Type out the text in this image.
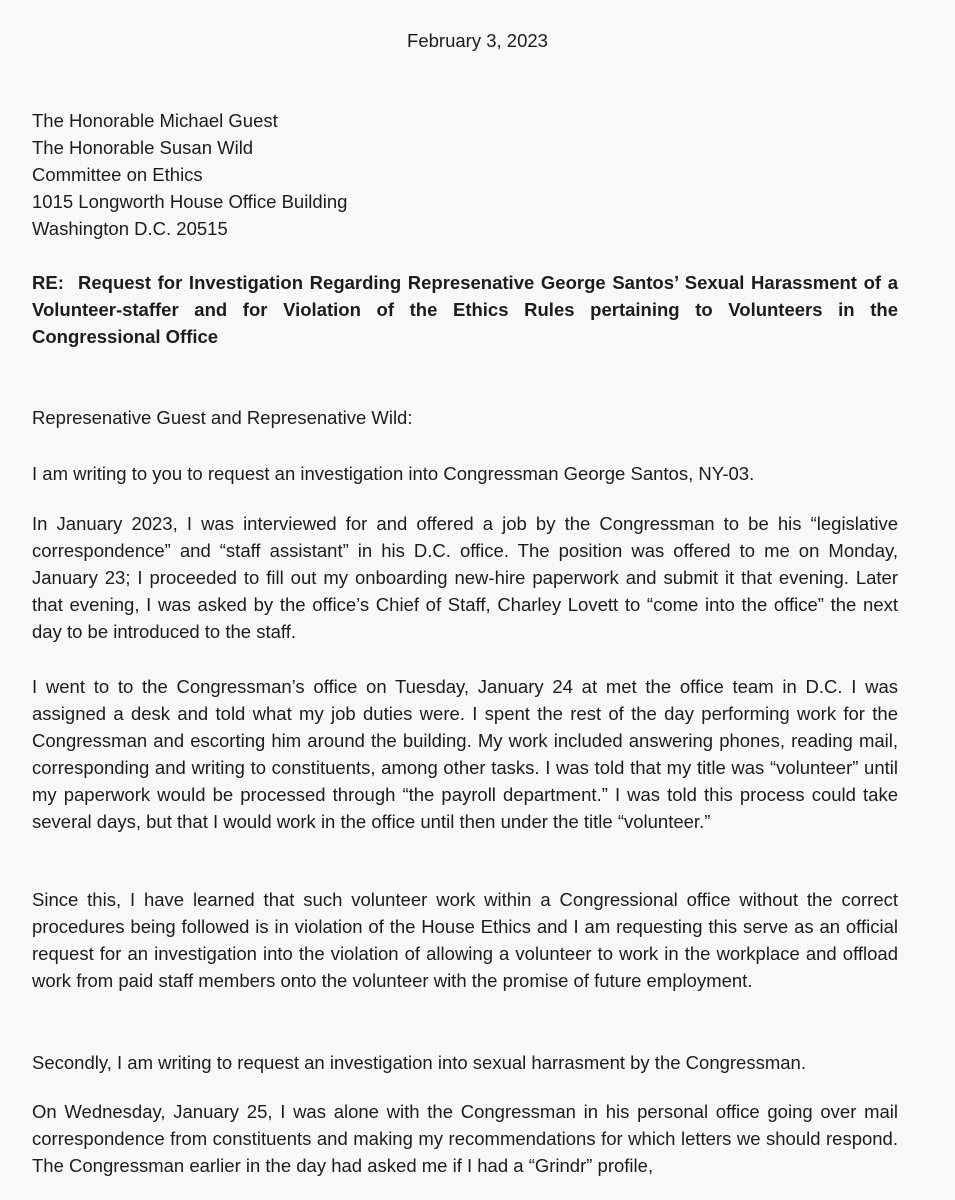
February 3, 2023
The Honorable Michael Guest
The Honorable Susan Wild
Committee on Ethics
1015 Longworth House Office Building
Washington D.C. 20515
RE: Request for Investigation Regarding Represenative George Santos’ Sexual Harassment of a Volunteer-staffer and for Violation of the Ethics Rules pertaining to Volunteers in the Congressional Office

Represenative Guest and Represenative Wild:

I am writing to you to request an investigation into Congressman George Santos, NY-03.

In January 2023, I was interviewed for and offered a job by the Congressman to be his “legislative correspondence” and “staff assistant” in his D.C. office. The position was offered to me on Monday, January 23; I proceeded to fill out my onboarding new-hire paperwork and submit it that evening. Later that evening, I was asked by the office’s Chief of Staff, Charley Lovett to “come into the office” the next day to be introduced to the staff.

I went to to the Congressman’s office on Tuesday, January 24 at met the office team in D.C. I was assigned a desk and told what my job duties were. I spent the rest of the day performing work for the Congressman and escorting him around the building. My work included answering phones, reading mail, corresponding and writing to constituents, among other tasks. I was told that my title was “volunteer” until my paperwork would be processed through “the payroll department.” I was told this process could take several days, but that I would work in the office until then under the title “volunteer.”

Since this, I have learned that such volunteer work within a Congressional office without the correct procedures being followed is in violation of the House Ethics and I am requesting this serve as an official request for an investigation into the violation of allowing a volunteer to work in the workplace and offload work from paid staff members onto the volunteer with the promise of future employment.

Secondly, I am writing to request an investigation into sexual harrasment by the Congressman.

On Wednesday, January 25, I was alone with the Congressman in his personal office going over mail correspondence from constituents and making my recommendations for which letters we should respond. The Congressman earlier in the day had asked me if I had a “Grindr” profile,
